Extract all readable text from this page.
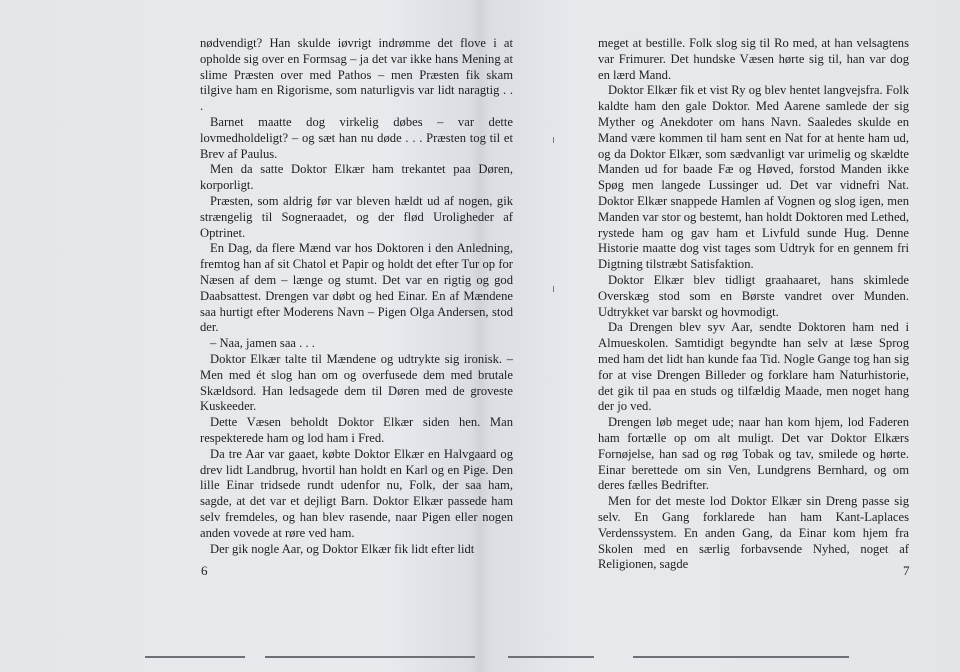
nødvendigt? Han skulde iøvrigt indrømme det flove i at opholde sig over en Formsag – ja det var ikke hans Mening at slime Præsten over med Pathos – men Præsten fik skam tilgive ham en Rigorisme, som naturligvis var lidt naragtig . . .

Barnet maatte dog virkelig døbes – var dette lovmedholdeligt? – og sæt han nu døde . . . Præsten tog til et Brev af Paulus.

Men da satte Doktor Elkær ham trekantet paa Døren, korporligt.

Præsten, som aldrig før var bleven hældt ud af nogen, gik strængelig til Sogneraadet, og der flød Uroligheder af Optrinet.

En Dag, da flere Mænd var hos Doktoren i den Anledning, fremtog han af sit Chatol et Papir og holdt det efter Tur op for Næsen af dem – længe og stumt. Det var en rigtig og god Daabsattest. Drengen var døbt og hed Einar. En af Mændene saa hurtigt efter Moderens Navn – Pigen Olga Andersen, stod der.

– Naa, jamen saa . . .

Doktor Elkær talte til Mændene og udtrykte sig ironisk. – Men med ét slog han om og overfusede dem med brutale Skældsord. Han ledsagede dem til Døren med de groveste Kuskeeder.

Dette Væsen beholdt Doktor Elkær siden hen. Man respekterede ham og lod ham i Fred.

Da tre Aar var gaaet, købte Doktor Elkær en Halvgaard og drev lidt Landbrug, hvortil han holdt en Karl og en Pige. Den lille Einar tridsede rundt udenfor nu, Folk, der saa ham, sagde, at det var et dejligt Barn. Doktor Elkær passede ham selv fremdeles, og han blev rasende, naar Pigen eller nogen anden vovede at røre ved ham.

Der gik nogle Aar, og Doktor Elkær fik lidt efter lidt

6

meget at bestille. Folk slog sig til Ro med, at han velsagtens var Frimurer. Det hundske Væsen hørte sig til, han var dog en lærd Mand.

Doktor Elkær fik et vist Ry og blev hentet langvejsfra. Folk kaldte ham den gale Doktor. Med Aarene samlede der sig Myther og Anekdoter om hans Navn. Saaledes skulde en Mand være kommen til ham sent en Nat for at hente ham ud, og da Doktor Elkær, som sædvanligt var urimelig og skældte Manden ud for baade Fæ og Høved, forstod Manden ikke Spøg men langede Lussinger ud. Det var vidnefri Nat. Doktor Elkær snappede Hamlen af Vognen og slog igen, men Manden var stor og bestemt, han holdt Doktoren med Lethed, rystede ham og gav ham et Livfuld sunde Hug. Denne Historie maatte dog vist tages som Udtryk for en gennem fri Digtning tilstræbt Satisfaktion.

Doktor Elkær blev tidligt graahaaret, hans skimlede Overskæg stod som en Børste vandret over Munden. Udtrykket var barskt og hovmodigt.

Da Drengen blev syv Aar, sendte Doktoren ham ned i Almueskolen. Samtidigt begyndte han selv at læse Sprog med ham det lidt han kunde faa Tid. Nogle Gange tog han sig for at vise Drengen Billeder og forklare ham Naturhistorie, det gik til paa en studs og tilfældig Maade, men noget hang der jo ved.

Drengen løb meget ude; naar han kom hjem, lod Faderen ham fortælle op om alt muligt. Det var Doktor Elkærs Fornøjelse, han sad og røg Tobak og tav, smilede og hørte. Einar berettede om sin Ven, Lundgrens Bernhard, og om deres fælles Bedrifter.

Men for det meste lod Doktor Elkær sin Dreng passe sig selv. En Gang forklarede han ham Kant-Laplaces Verdenssystem. En anden Gang, da Einar kom hjem fra Skolen med en særlig forbavsende Nyhed, noget af Religionen, sagde	7
